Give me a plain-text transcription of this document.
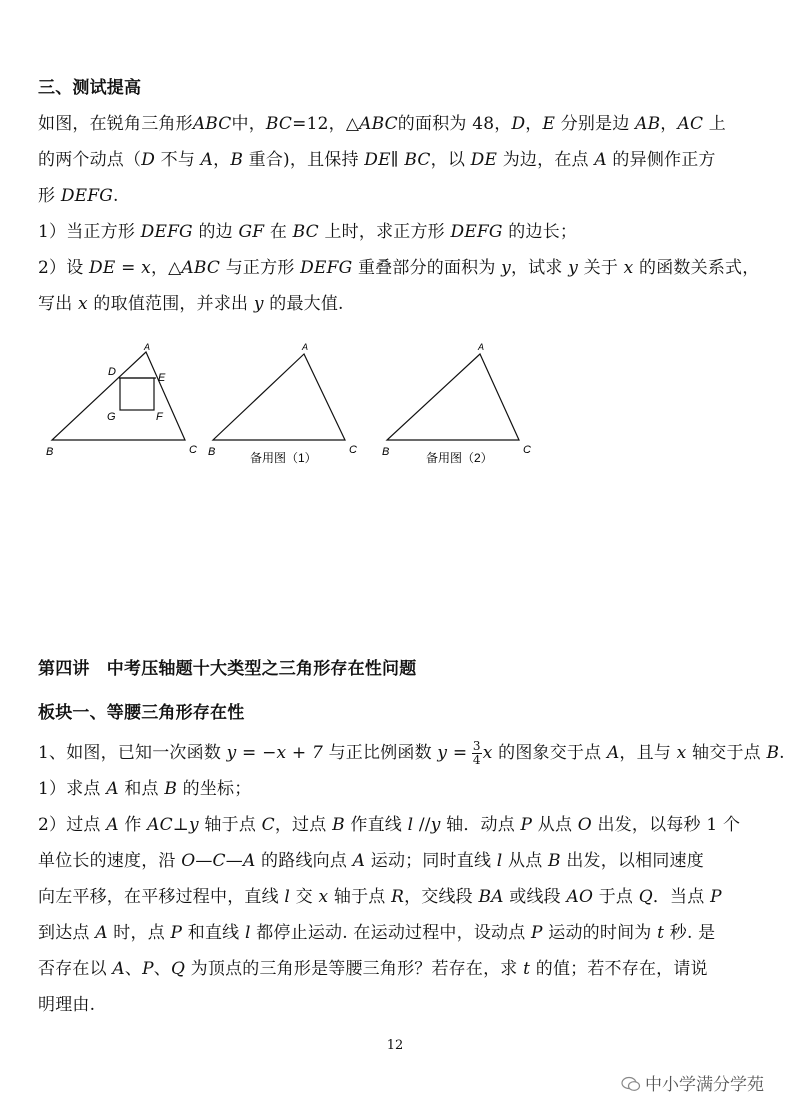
三、测试提高
如图，在锐角三角形ABC中，BC=12，△ABC的面积为 48，D，E 分别是边 AB，AC 上
的两个动点（D 不与 A，B 重合)，且保持 DE∥ BC，以 DE 为边，在点 A 的异侧作正方
形 DEFG.
1）当正方形 DEFG 的边 GF 在 BC 上时，求正方形 DEFG 的边长；
2）设 DE = x，△ABC 与正方形 DEFG 重叠部分的面积为 y，试求 y 关于 x 的函数关系式，
写出 x 的取值范围，并求出 y 的最大值.
A
D	E
G	F
B	C
A
B	C
备用图（1）
A
B	C
备用图（2）
第四讲　中考压轴题十大类型之三角形存在性问题
板块一、等腰三角形存在性
1、如图，已知一次函数 y = −x + 7 与正比例函数 $y = \frac{3}{4}$ x 的图象交于点 A，且与 x 轴交于点 B.
1）求点 A 和点 B 的坐标；
2）过点 A 作 AC⊥y 轴于点 C，过点 B 作直线 l //y 轴．动点 P 从点 O 出发，以每秒 1 个
单位长的速度，沿 O—C—A 的路线向点 A 运动；同时直线 l 从点 B 出发，以相同速度
向左平移，在平移过程中，直线 l 交 x 轴于点 R，交线段 BA 或线段 AO 于点 Q．当点 P
到达点 A 时，点 P 和直线 l 都停止运动. 在运动过程中，设动点 P 运动的时间为 t 秒. 是
否存在以 A、P、Q 为顶点的三角形是等腰三角形？若存在，求 t 的值；若不存在，请说
明理由.
12
中小学满分学苑
